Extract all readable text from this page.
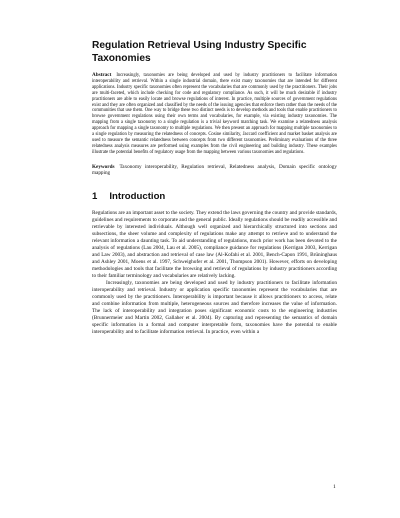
Regulation Retrieval Using Industry Specific Taxonomies

Abstract Increasingly, taxonomies are being developed and used by industry practitioners to facilitate information interoperability and retrieval. Within a single industrial domain, there exist many taxonomies that are intended for different applications. Industry specific taxonomies often represent the vocabularies that are commonly used by the practitioners. Their jobs are multi-faceted, which include checking for code and regulatory compliance. As such, it will be much desirable if industry practitioners are able to easily locate and browse regulations of interest. In practice, multiple sources of government regulations exist and they are often organized and classified by the needs of the issuing agencies that enforce them rather than the needs of the communities that use them. One way to bridge these two distinct needs is to develop methods and tools that enable practitioners to browse government regulations using their own terms and vocabularies, for example, via existing industry taxonomies. The mapping from a single taxonomy to a single regulation is a trivial keyword matching task. We examine a relatedness analysis approach for mapping a single taxonomy to multiple regulations. We then present an approach for mapping multiple taxonomies to a single regulation by measuring the relatedness of concepts. Cosine similarity, Jaccard coefficient and market basket analysis are used to measure the semantic relatedness between concepts from two different taxonomies. Preliminary evaluations of the three relatedness analysis measures are performed using examples from the civil engineering and building industry. These examples illustrate the potential benefits of regulatory usage from the mapping between various taxonomies and regulations.

Keywords Taxonomy interoperability, Regulation retrieval, Relatedness analysis, Domain specific ontology mapping

1 Introduction

Regulations are an important asset to the society. They extend the laws governing the country and provide standards, guidelines and requirements to corporate and the general public. Ideally regulations should be readily accessible and retrievable by interested individuals. Although well organized and hierarchically structured into sections and subsections, the sheer volume and complexity of regulations make any attempt to retrieve and to understand the relevant information a daunting task. To aid understanding of regulations, much prior work has been devoted to the analysis of regulations (Lau 2004, Lau et al. 2005), compliance guidance for regulations (Kerrigan 2003, Kerrigan and Law 2003), and abstraction and retrieval of case law (Al-Kofahi et al. 2001, Bench-Capon 1991, Brüninghaus and Ashley 2001, Moens et al. 1997, Schweighofer et al. 2001, Thompson 2001). However, efforts on developing methodologies and tools that facilitate the browsing and retrieval of regulations by industry practitioners according to their familiar terminology and vocabularies are relatively lacking.

Increasingly, taxonomies are being developed and used by industry practitioners to facilitate information interoperability and retrieval. Industry or application specific taxonomies represent the vocabularies that are commonly used by the practitioners. Interoperability is important because it allows practitioners to access, relate and combine information from multiple, heterogeneous sources and therefore increases the value of information. The lack of interoperability and integration poses significant economic costs to the engineering industries (Brunnermeier and Martin 2002, Gallaher et al. 2004). By capturing and representing the semantics of domain specific information in a formal and computer interpretable form, taxonomies have the potential to enable interoperability and to facilitate information retrieval. In practice, even within a

1
